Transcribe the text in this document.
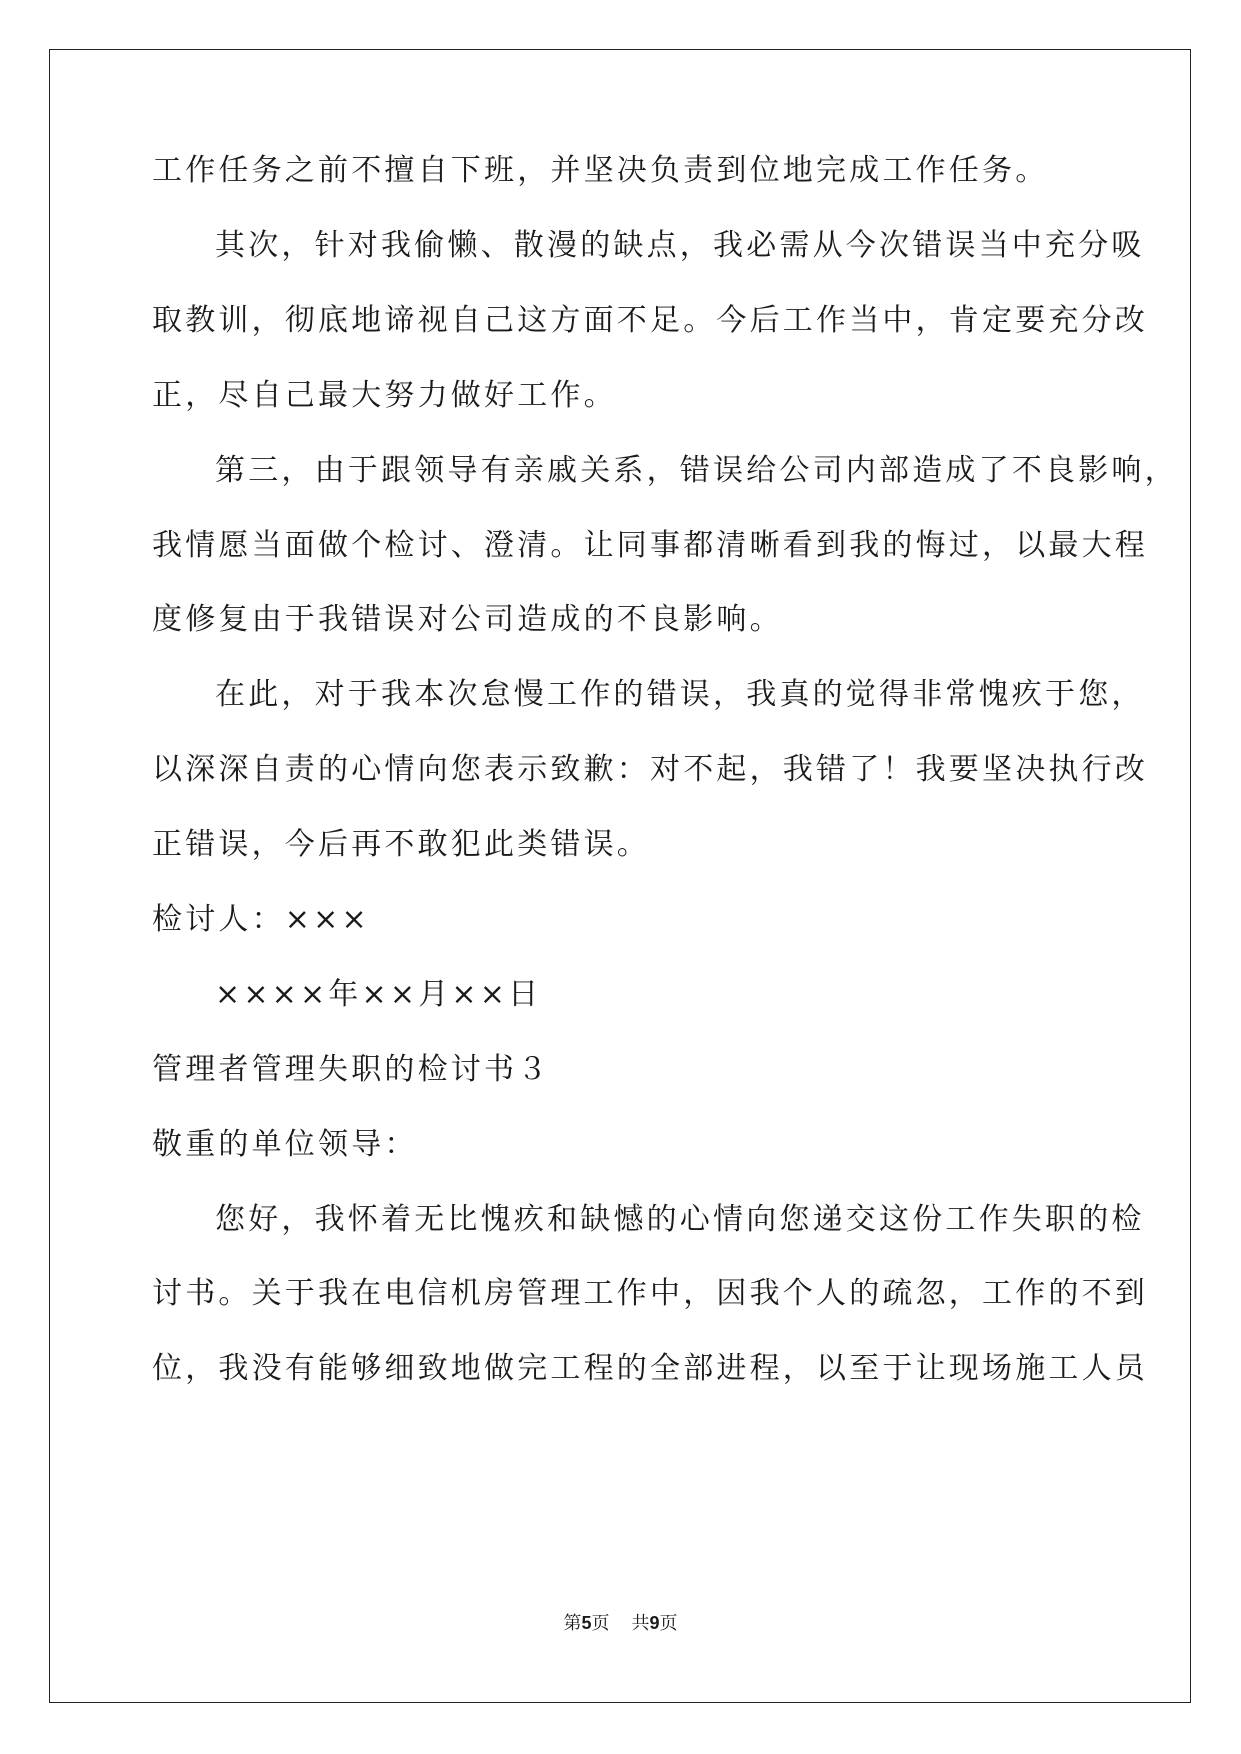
工作任务之前不擅自下班，并坚决负责到位地完成工作任务。

其次，针对我偷懒、散漫的缺点，我必需从今次错误当中充分吸

取教训，彻底地谛视自己这方面不足。今后工作当中，肯定要充分改

正，尽自己最大努力做好工作。

第三，由于跟领导有亲戚关系，错误给公司内部造成了不良影响，

我情愿当面做个检讨、澄清。让同事都清晰看到我的悔过，以最大程

度修复由于我错误对公司造成的不良影响。

在此，对于我本次怠慢工作的错误，我真的觉得非常愧疚于您，

以深深自责的心情向您表示致歉：对不起，我错了！我要坚决执行改

正错误，今后再不敢犯此类错误。

检讨人：×××

××××年××月××日

管理者管理失职的检讨书３

敬重的单位领导：

您好，我怀着无比愧疚和缺憾的心情向您递交这份工作失职的检

讨书。关于我在电信机房管理工作中，因我个人的疏忽，工作的不到

位，我没有能够细致地做完工程的全部进程，以至于让现场施工人员

第5页 共9页
